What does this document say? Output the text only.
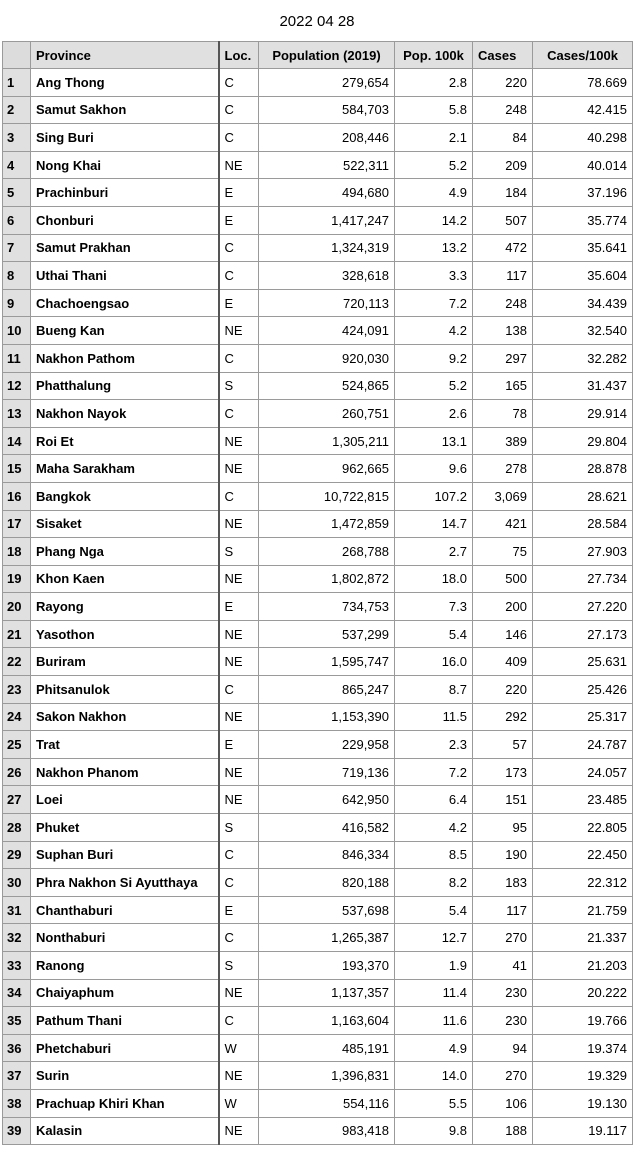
2022 04 28
	Province	Loc.	Population (2019)	Pop. 100k	Cases	Cases/100k
1	Ang Thong	C	279,654	2.8	220	78.669
2	Samut Sakhon	C	584,703	5.8	248	42.415
3	Sing Buri	C	208,446	2.1	84	40.298
4	Nong Khai	NE	522,311	5.2	209	40.014
5	Prachinburi	E	494,680	4.9	184	37.196
6	Chonburi	E	1,417,247	14.2	507	35.774
7	Samut Prakhan	C	1,324,319	13.2	472	35.641
8	Uthai Thani	C	328,618	3.3	117	35.604
9	Chachoengsao	E	720,113	7.2	248	34.439
10	Bueng Kan	NE	424,091	4.2	138	32.540
11	Nakhon Pathom	C	920,030	9.2	297	32.282
12	Phatthalung	S	524,865	5.2	165	31.437
13	Nakhon Nayok	C	260,751	2.6	78	29.914
14	Roi Et	NE	1,305,211	13.1	389	29.804
15	Maha Sarakham	NE	962,665	9.6	278	28.878
16	Bangkok	C	10,722,815	107.2	3,069	28.621
17	Sisaket	NE	1,472,859	14.7	421	28.584
18	Phang Nga	S	268,788	2.7	75	27.903
19	Khon Kaen	NE	1,802,872	18.0	500	27.734
20	Rayong	E	734,753	7.3	200	27.220
21	Yasothon	NE	537,299	5.4	146	27.173
22	Buriram	NE	1,595,747	16.0	409	25.631
23	Phitsanulok	C	865,247	8.7	220	25.426
24	Sakon Nakhon	NE	1,153,390	11.5	292	25.317
25	Trat	E	229,958	2.3	57	24.787
26	Nakhon Phanom	NE	719,136	7.2	173	24.057
27	Loei	NE	642,950	6.4	151	23.485
28	Phuket	S	416,582	4.2	95	22.805
29	Suphan Buri	C	846,334	8.5	190	22.450
30	Phra Nakhon Si Ayutthaya	C	820,188	8.2	183	22.312
31	Chanthaburi	E	537,698	5.4	117	21.759
32	Nonthaburi	C	1,265,387	12.7	270	21.337
33	Ranong	S	193,370	1.9	41	21.203
34	Chaiyaphum	NE	1,137,357	11.4	230	20.222
35	Pathum Thani	C	1,163,604	11.6	230	19.766
36	Phetchaburi	W	485,191	4.9	94	19.374
37	Surin	NE	1,396,831	14.0	270	19.329
38	Prachuap Khiri Khan	W	554,116	5.5	106	19.130
39	Kalasin	NE	983,418	9.8	188	19.117
